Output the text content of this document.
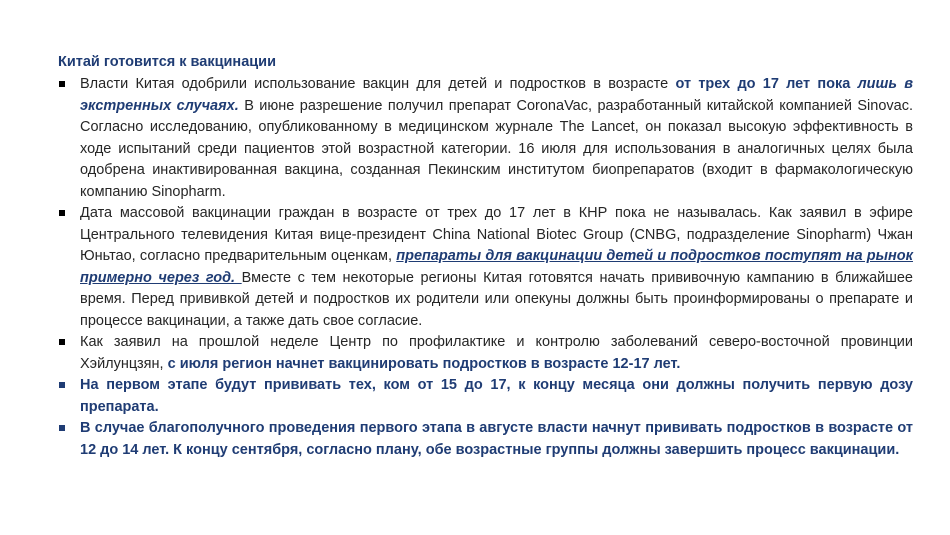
Китай готовится к вакцинации
Власти Китая одобрили использование вакцин для детей и подростков в возрасте от трех до 17 лет пока лишь в экстренных случаях. В июне разрешение получил препарат CoronaVac, разработанный китайской компанией Sinovac. Согласно исследованию, опубликованному в медицинском журнале The Lancet, он показал высокую эффективность в ходе испытаний среди пациентов этой возрастной категории. 16 июля для использования в аналогичных целях была одобрена инактивированная вакцина, созданная Пекинским институтом биопрепаратов (входит в фармакологическую компанию Sinopharm.
Дата массовой вакцинации граждан в возрасте от трех до 17 лет в КНР пока не называлась. Как заявил в эфире Центрального телевидения Китая вице-президент China National Biotec Group (CNBG, подразделение Sinopharm) Чжан Юньтао, согласно предварительным оценкам, препараты для вакцинации детей и подростков поступят на рынок примерно через год. Вместе с тем некоторые регионы Китая готовятся начать прививочную кампанию в ближайшее время. Перед прививкой детей и подростков их родители или опекуны должны быть проинформированы о препарате и процессе вакцинации, а также дать свое согласие.
Как заявил на прошлой неделе Центр по профилактике и контролю заболеваний северо-восточной провинции Хэйлунцзян, с июля регион начнет вакцинировать подростков в возрасте 12-17 лет.
На первом этапе будут прививать тех, ком от 15 до 17, к концу месяца они должны получить первую дозу препарата.
В случае благополучного проведения первого этапа в августе власти начнут прививать подростков в возрасте от 12 до 14 лет. К концу сентября, согласно плану, обе возрастные группы должны завершить процесс вакцинации.
